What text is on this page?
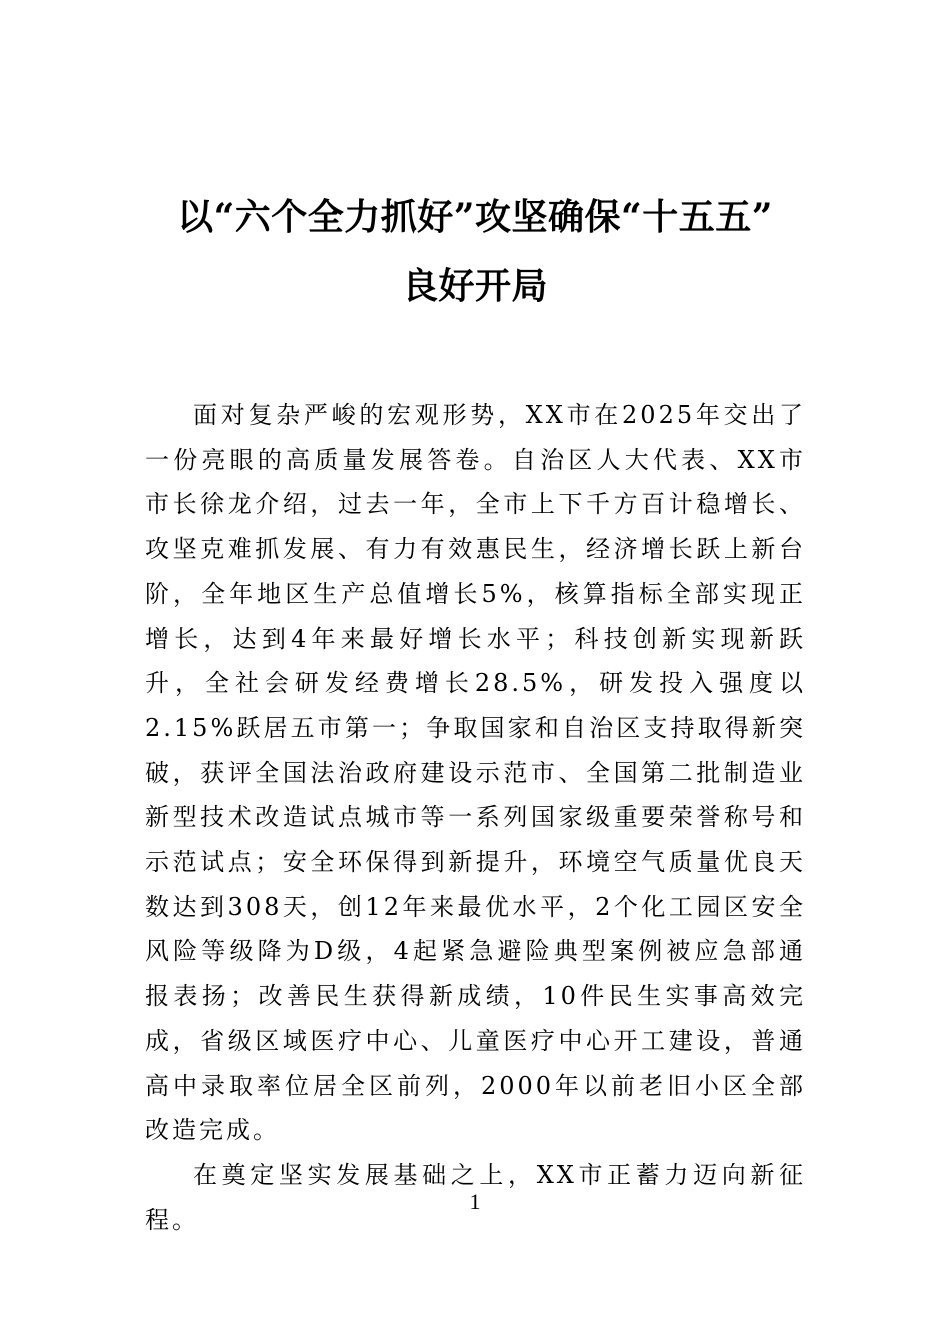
以“六个全力抓好”攻坚确保“十五五”
良好开局

面对复杂严峻的宏观形势，XX市在2025年交出了一份亮眼的高质量发展答卷。自治区人大代表、XX市市长徐龙介绍，过去一年，全市上下千方百计稳增长、攻坚克难抓发展、有力有效惠民生，经济增长跃上新台阶，全年地区生产总值增长5%，核算指标全部实现正增长，达到4年来最好增长水平；科技创新实现新跃升，全社会研发经费增长28.5%，研发投入强度以2.15%跃居五市第一；争取国家和自治区支持取得新突破，获评全国法治政府建设示范市、全国第二批制造业新型技术改造试点城市等一系列国家级重要荣誉称号和示范试点；安全环保得到新提升，环境空气质量优良天数达到308天，创12年来最优水平，2个化工园区安全风险等级降为D级，4起紧急避险典型案例被应急部通报表扬；改善民生获得新成绩，10件民生实事高效完成，省级区域医疗中心、儿童医疗中心开工建设，普通高中录取率位居全区前列，2000年以前老旧小区全部改造完成。

在奠定坚实发展基础之上，XX市正蓄力迈向新征程。

1
